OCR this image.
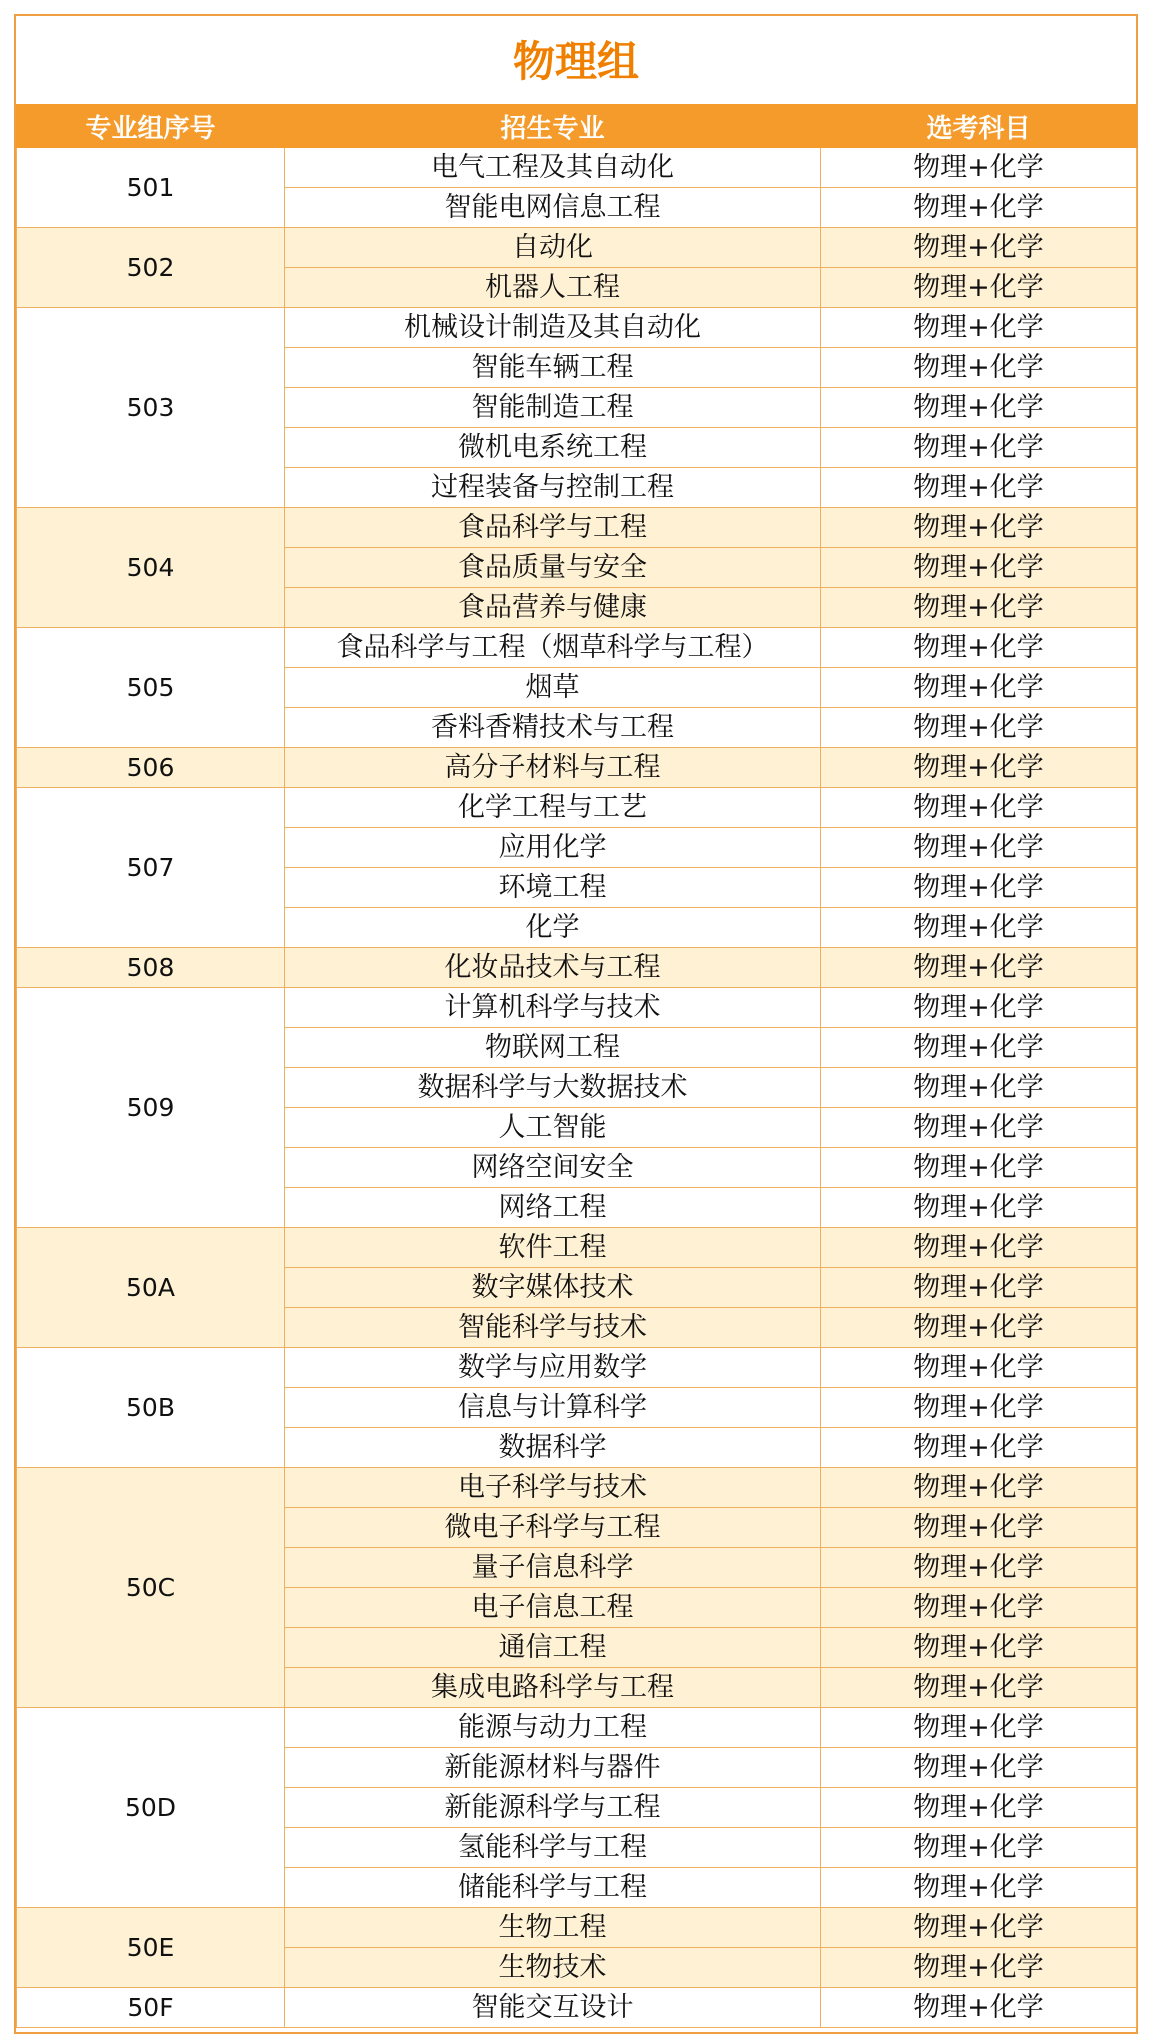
物理组
专业组序号	招生专业	选考科目
501	电气工程及其自动化	物理+化学
	智能电网信息工程	物理+化学
502	自动化	物理+化学
	机器人工程	物理+化学
503	机械设计制造及其自动化	物理+化学
	智能车辆工程	物理+化学
	智能制造工程	物理+化学
	微机电系统工程	物理+化学
	过程装备与控制工程	物理+化学
504	食品科学与工程	物理+化学
	食品质量与安全	物理+化学
	食品营养与健康	物理+化学
505	食品科学与工程（烟草科学与工程）	物理+化学
	烟草	物理+化学
	香料香精技术与工程	物理+化学
506	高分子材料与工程	物理+化学
507	化学工程与工艺	物理+化学
	应用化学	物理+化学
	环境工程	物理+化学
	化学	物理+化学
508	化妆品技术与工程	物理+化学
509	计算机科学与技术	物理+化学
	物联网工程	物理+化学
	数据科学与大数据技术	物理+化学
	人工智能	物理+化学
	网络空间安全	物理+化学
	网络工程	物理+化学
50A	软件工程	物理+化学
	数字媒体技术	物理+化学
	智能科学与技术	物理+化学
50B	数学与应用数学	物理+化学
	信息与计算科学	物理+化学
	数据科学	物理+化学
50C	电子科学与技术	物理+化学
	微电子科学与工程	物理+化学
	量子信息科学	物理+化学
	电子信息工程	物理+化学
	通信工程	物理+化学
	集成电路科学与工程	物理+化学
50D	能源与动力工程	物理+化学
	新能源材料与器件	物理+化学
	新能源科学与工程	物理+化学
	氢能科学与工程	物理+化学
	储能科学与工程	物理+化学
50E	生物工程	物理+化学
	生物技术	物理+化学
50F	智能交互设计	物理+化学
